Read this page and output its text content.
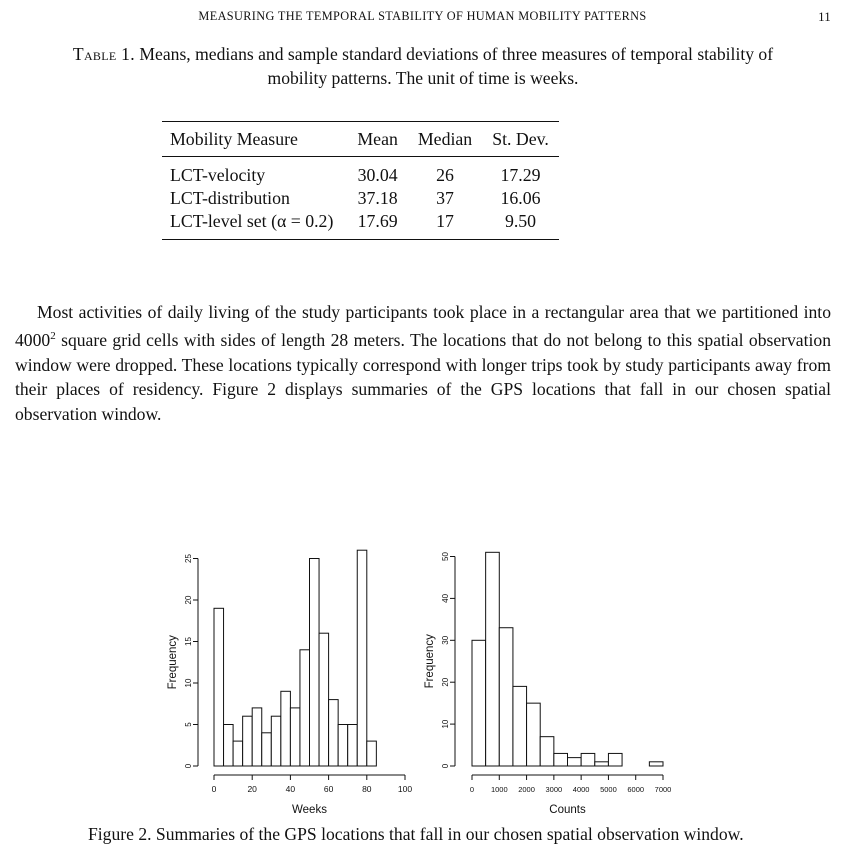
MEASURING THE TEMPORAL STABILITY OF HUMAN MOBILITY PATTERNS	11
Table 1. Means, medians and sample standard deviations of three measures of temporal stability of mobility patterns. The unit of time is weeks.
Mobility Measure	Mean	Median	St. Dev.
LCT-velocity	30.04	26	17.29
LCT-distribution	37.18	37	16.06
LCT-level set (α = 0.2)	17.69	17	9.50

Most activities of daily living of the study participants took place in a rectangular area that we partitioned into 4000$^2$ square grid cells with sides of length 28 meters. The locations that do not belong to this spatial observation window were dropped. These locations typically correspond with longer trips took by study participants away from their places of residency. Figure 2 displays summaries of the GPS locations that fall in our chosen spatial observation window.

0	20	40	60	80	100
0
5
10
15
20
25
Weeks
Frequency
0 1000 2000 3000 4000 5000 6000 7000
0
10
20
30
40
50
Counts
Frequency
Figure 2. Summaries of the GPS locations that fall in our chosen spatial observation window.
